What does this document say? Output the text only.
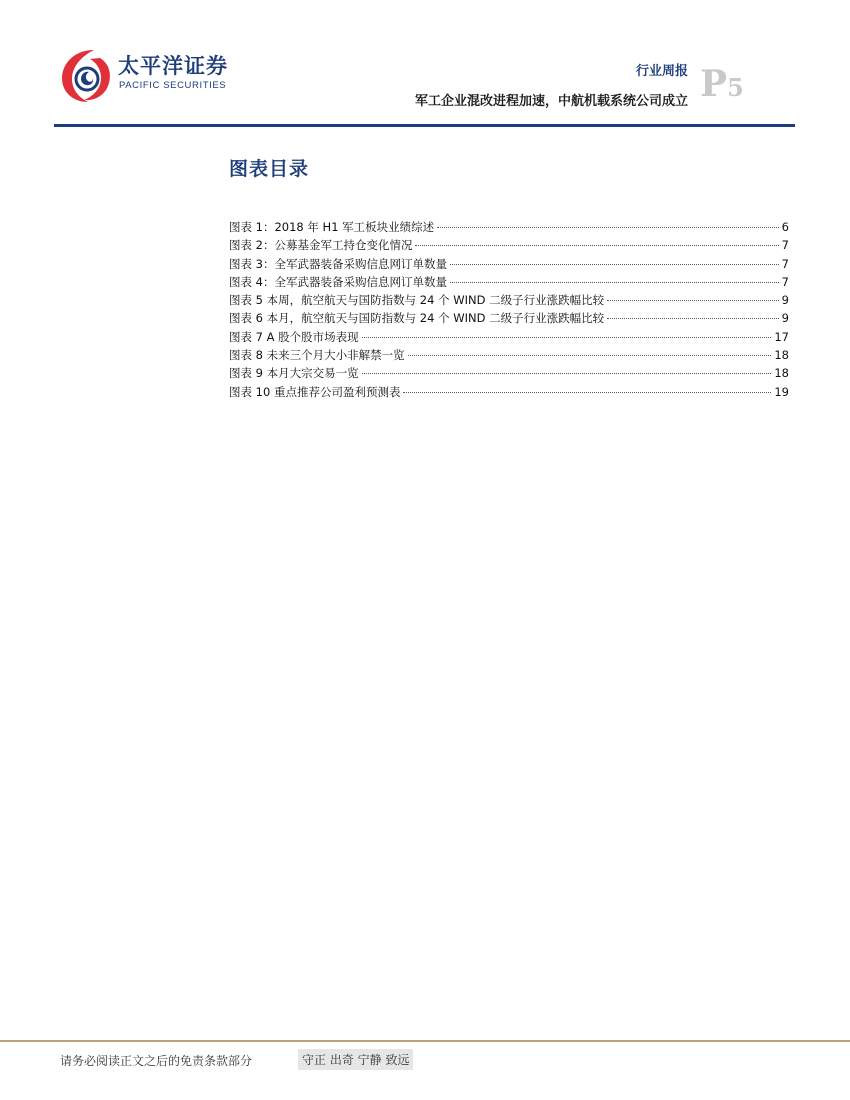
太平洋证券
PACIFIC SECURITIES
行业周报
军工企业混改进程加速，中航机载系统公司成立 P5
图表目录
图表 1：2018 年 H1 军工板块业绩综述	6
图表 2：公募基金军工持仓变化情况	7
图表 3：全军武器装备采购信息网订单数量	7
图表 4：全军武器装备采购信息网订单数量	7
图表 5 本周，航空航天与国防指数与 24 个 WIND 二级子行业涨跌幅比较	9
图表 6 本月，航空航天与国防指数与 24 个 WIND 二级子行业涨跌幅比较	9
图表 7 A 股个股市场表现	17
图表 8 未来三个月大小非解禁一览	18
图表 9 本月大宗交易一览	18
图表 10 重点推荐公司盈利预测表	19
请务必阅读正文之后的免责条款部分	守正 出奇 宁静 致远
